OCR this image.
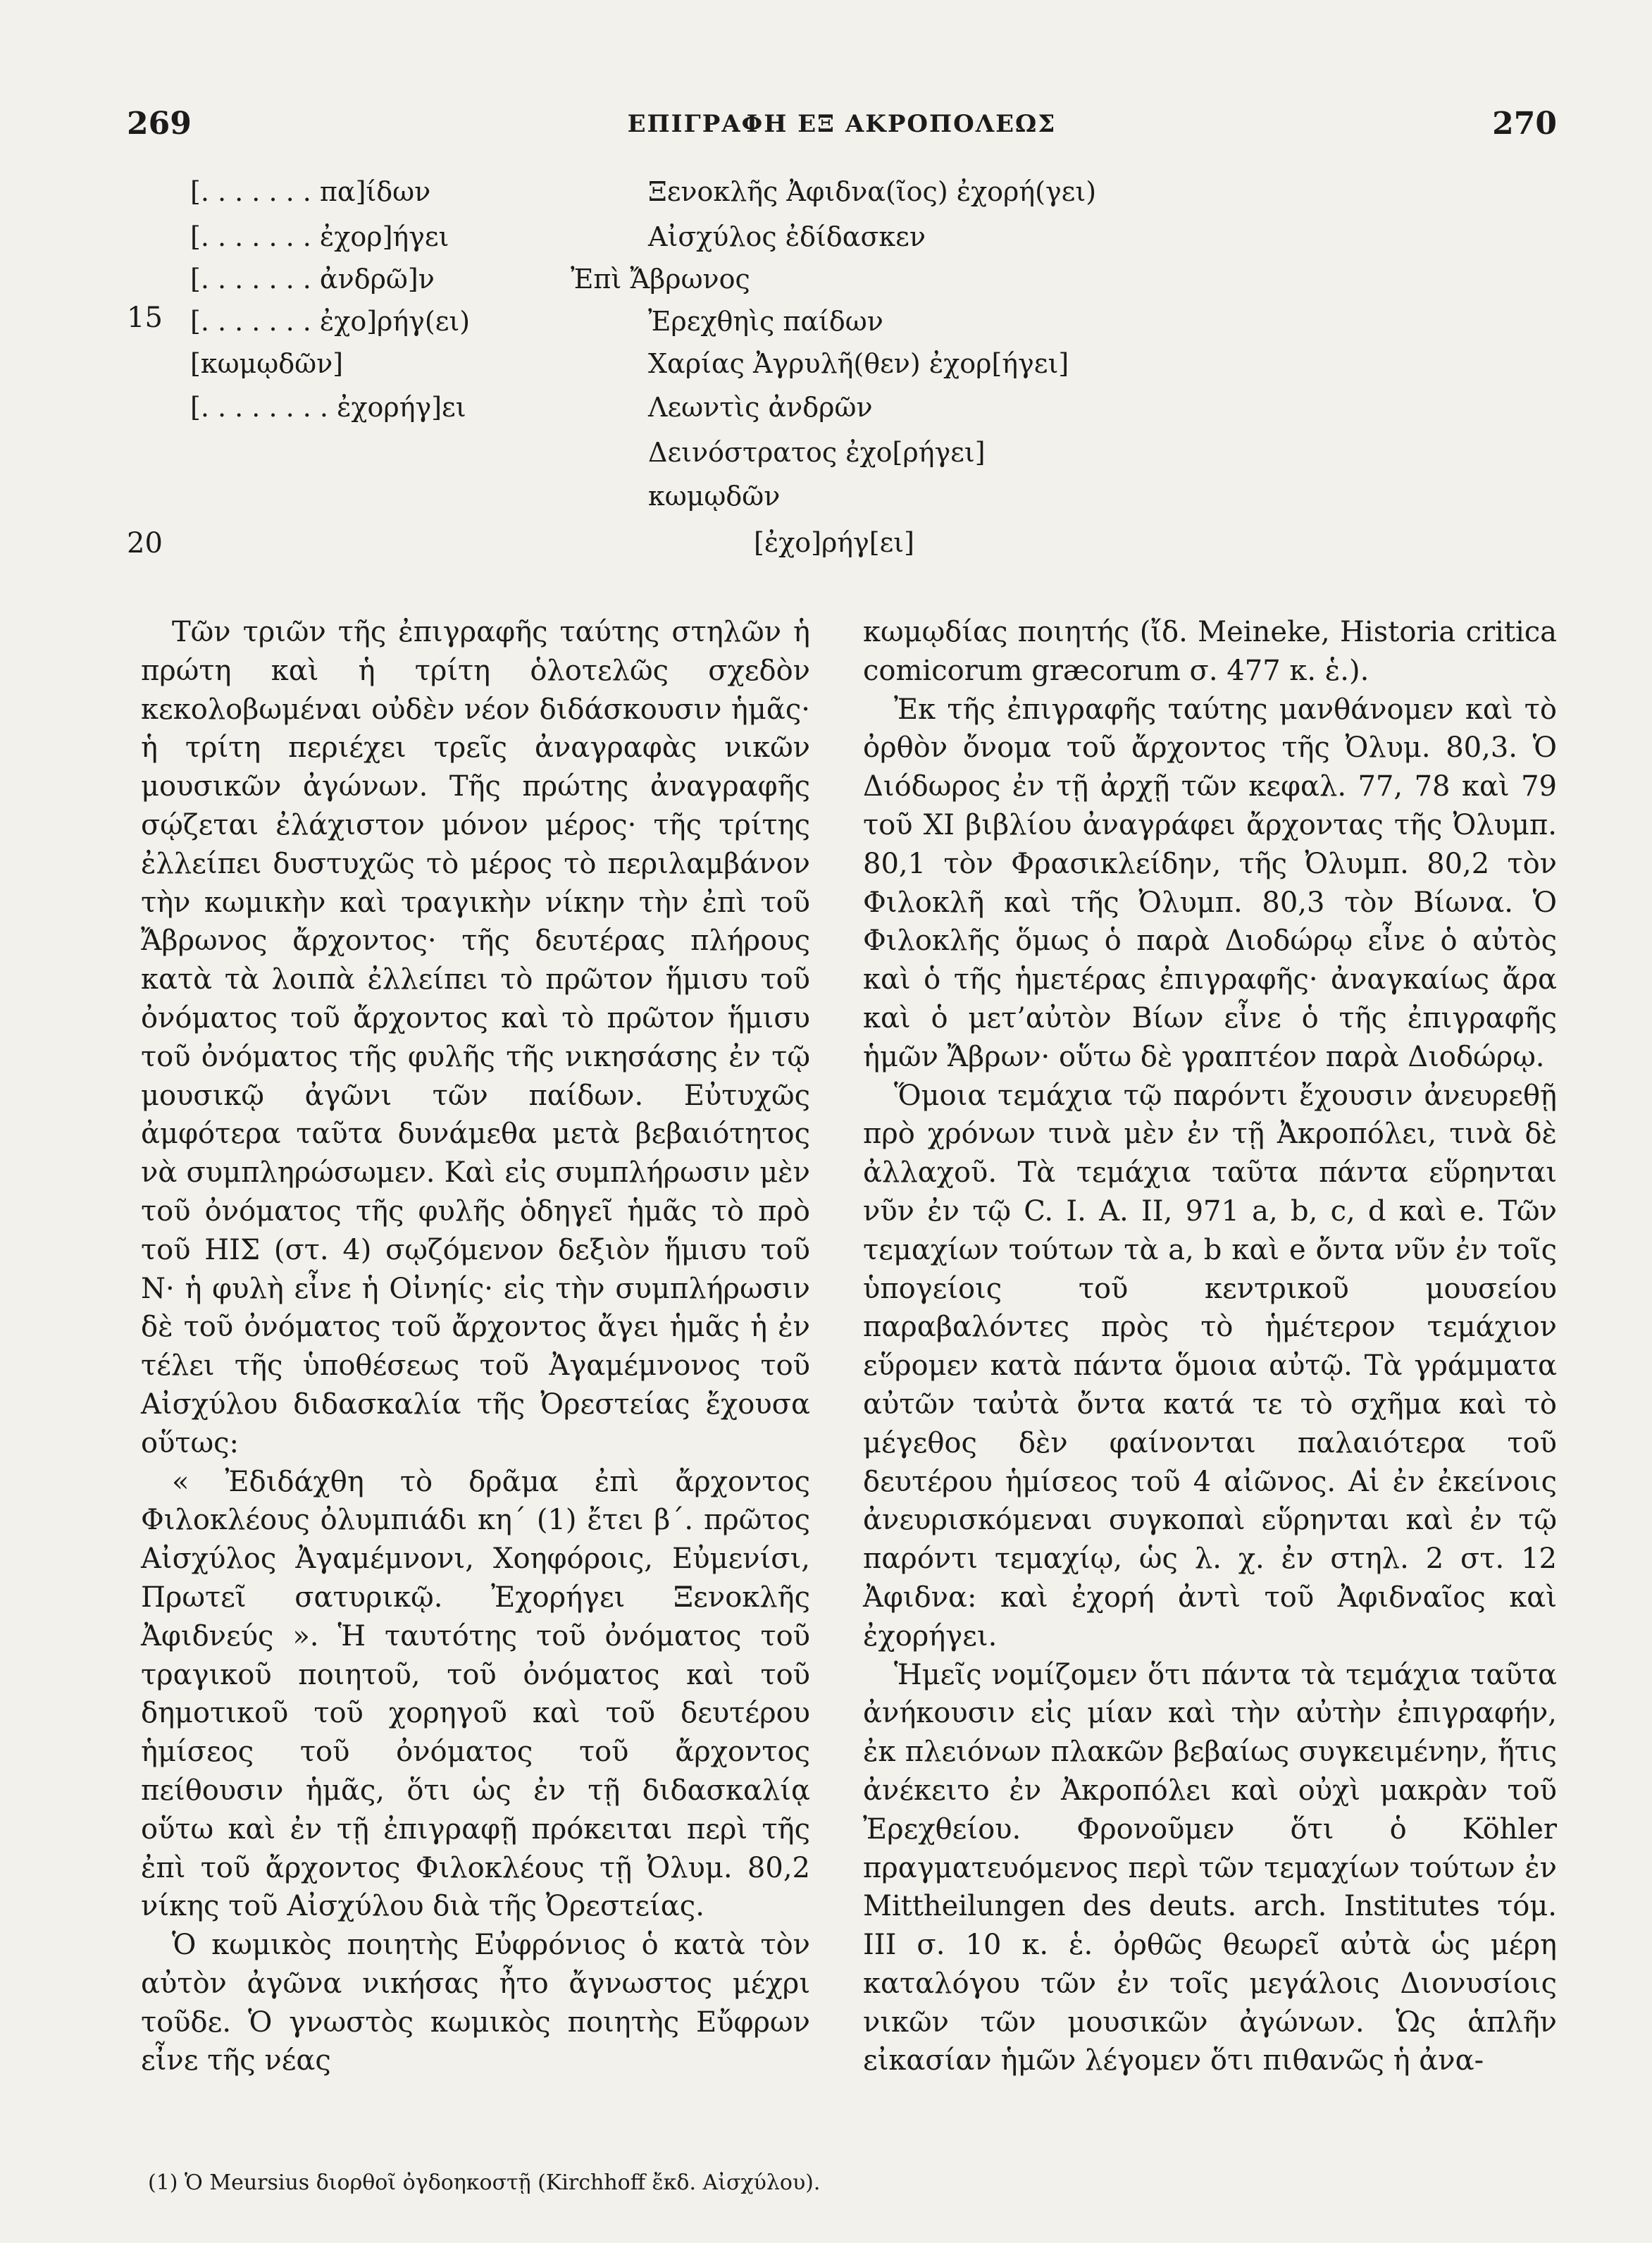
269	ΕΠΙΓΡΑΦΗ ΕΞ ΑΚΡΟΠΟΛΕΩΣ	270
15
20
[. . . . . . . πα]ίδων
[. . . . . . . ἐχορ]ήγει
[. . . . . . . ἀνδρῶ]ν
[. . . . . . . ἐχο]ρήγ(ει)
[κωμῳδῶν]
[. . . . . . . . ἐχορήγ]ει
Ξενοκλῆς Ἀφιδνα(ῖος) ἐχορή(γει)
Αἰσχύλος ἐδίδασκεν
Ἐπὶ Ἄβρωνος
Ἐρεχθηὶς παίδων
Χαρίας Ἀγρυλῆ(θεν) ἐχορ[ήγει]
Λεωντὶς ἀνδρῶν
Δεινόστρατος ἐχο[ρήγει]
κωμῳδῶν
[ἐχο]ρήγ[ει]

Τῶν τριῶν τῆς ἐπιγραφῆς ταύτης στηλῶν ἡ πρώτη καὶ ἡ τρίτη ὁλοτελῶς σχεδὸν κεκολοβωμέναι οὐδὲν νέον διδάσκουσιν ἡμᾶς· ἡ τρίτη περιέχει τρεῖς ἀναγραφὰς νικῶν μουσικῶν ἀγώνων. Τῆς πρώτης ἀναγραφῆς σῴζεται ἐλάχιστον μόνον μέρος· τῆς τρίτης ἐλλείπει δυστυχῶς τὸ μέρος τὸ περιλαμβάνον τὴν κωμικὴν καὶ τραγικὴν νίκην τὴν ἐπὶ τοῦ Ἄβρωνος ἄρχοντος· τῆς δευτέρας πλήρους κατὰ τὰ λοιπὰ ἐλλείπει τὸ πρῶτον ἥμισυ τοῦ ὀνόματος τοῦ ἄρχοντος καὶ τὸ πρῶτον ἥμισυ τοῦ ὀνόματος τῆς φυλῆς τῆς νικησάσης ἐν τῷ μουσικῷ ἀγῶνι τῶν παίδων. Εὐτυχῶς ἀμφότερα ταῦτα δυνάμεθα μετὰ βεβαιότητος νὰ συμπληρώσωμεν. Καὶ εἰς συμπλήρωσιν μὲν τοῦ ὀνόματος τῆς φυλῆς ὁδηγεῖ ἡμᾶς τὸ πρὸ τοῦ ΗΙΣ (στ. 4) σῳζόμενον δεξιὸν ἥμισυ τοῦ Ν· ἡ φυλὴ εἶνε ἡ Οἰνηίς· εἰς τὴν συμπλήρωσιν δὲ τοῦ ὀνόματος τοῦ ἄρχοντος ἄγει ἡμᾶς ἡ ἐν τέλει τῆς ὑποθέσεως τοῦ Ἀγαμέμνονος τοῦ Αἰσχύλου διδασκαλία τῆς Ὀρεστείας ἔχουσα οὕτως:

« Ἐδιδάχθη τὸ δρᾶμα ἐπὶ ἄρχοντος Φιλοκλέους ὀλυμπιάδι κη΄ (1) ἔτει β΄. πρῶτος Αἰσχύλος Ἀγαμέμνονι, Χοηφόροις, Εὐμενίσι, Πρωτεῖ σατυρικῷ. Ἐχορήγει Ξενοκλῆς Ἀφιδνεύς ». Ἡ ταυτότης τοῦ ὀνόματος τοῦ τραγικοῦ ποιητοῦ, τοῦ ὀνόματος καὶ τοῦ δημοτικοῦ τοῦ χορηγοῦ καὶ τοῦ δευτέρου ἡμίσεος τοῦ ὀνόματος τοῦ ἄρχοντος πείθουσιν ἡμᾶς, ὅτι ὡς ἐν τῇ διδασκαλίᾳ οὕτω καὶ ἐν τῇ ἐπιγραφῇ πρόκειται περὶ τῆς ἐπὶ τοῦ ἄρχοντος Φιλοκλέους τῇ Ὀλυμ. 80,2 νίκης τοῦ Αἰσχύλου διὰ τῆς Ὀρεστείας.

Ὁ κωμικὸς ποιητὴς Εὐφρόνιος ὁ κατὰ τὸν αὐτὸν ἀγῶνα νικήσας ἦτο ἄγνωστος μέχρι τοῦδε. Ὁ γνωστὸς κωμικὸς ποιητὴς Εὔφρων εἶνε τῆς νέας

κωμῳδίας ποιητής (ἴδ. Meineke, Historia critica comicorum græcorum σ. 477 κ. ἑ.).

Ἐκ τῆς ἐπιγραφῆς ταύτης μανθάνομεν καὶ τὸ ὀρθὸν ὄνομα τοῦ ἄρχοντος τῆς Ὀλυμ. 80,3. Ὁ Διόδωρος ἐν τῇ ἀρχῇ τῶν κεφαλ. 77, 78 καὶ 79 τοῦ XI βιβλίου ἀναγράφει ἄρχοντας τῆς Ὀλυμπ. 80,1 τὸν Φρασικλείδην, τῆς Ὀλυμπ. 80,2 τὸν Φιλοκλῆ καὶ τῆς Ὀλυμπ. 80,3 τὸν Βίωνα. Ὁ Φιλοκλῆς ὅμως ὁ παρὰ Διοδώρῳ εἶνε ὁ αὐτὸς καὶ ὁ τῆς ἡμετέρας ἐπιγραφῆς· ἀναγκαίως ἄρα καὶ ὁ μετ’αὐτὸν Βίων εἶνε ὁ τῆς ἐπιγραφῆς ἡμῶν Ἄβρων· οὕτω δὲ γραπτέον παρὰ Διοδώρῳ.

Ὅμοια τεμάχια τῷ παρόντι ἔχουσιν ἀνευρεθῇ πρὸ χρόνων τινὰ μὲν ἐν τῇ Ἀκροπόλει, τινὰ δὲ ἀλλαχοῦ. Τὰ τεμάχια ταῦτα πάντα εὕρηνται νῦν ἐν τῷ C. I. A. II, 971 a, b, c, d καὶ e. Τῶν τεμαχίων τούτων τὰ a, b καὶ e ὄντα νῦν ἐν τοῖς ὑπογείοις τοῦ κεντρικοῦ μουσείου παραβαλόντες πρὸς τὸ ἡμέτερον τεμάχιον εὕρομεν κατὰ πάντα ὅμοια αὐτῷ. Τὰ γράμματα αὐτῶν ταὐτὰ ὄντα κατά τε τὸ σχῆμα καὶ τὸ μέγεθος δὲν φαίνονται παλαιότερα τοῦ δευτέρου ἡμίσεος τοῦ 4 αἰῶνος. Αἱ ἐν ἐκείνοις ἀνευρισκόμεναι συγκοπαὶ εὕρηνται καὶ ἐν τῷ παρόντι τεμαχίῳ, ὡς λ. χ. ἐν στηλ. 2 στ. 12 Ἀφιδνα: καὶ ἐχορή ἀντὶ τοῦ Ἀφιδναῖος καὶ ἐχορήγει.

Ἡμεῖς νομίζομεν ὅτι πάντα τὰ τεμάχια ταῦτα ἀνήκουσιν εἰς μίαν καὶ τὴν αὐτὴν ἐπιγραφήν, ἐκ πλειόνων πλακῶν βεβαίως συγκειμένην, ἥτις ἀνέκειτο ἐν Ἀκροπόλει καὶ οὐχὶ μακρὰν τοῦ Ἐρεχθείου. Φρονοῦμεν ὅτι ὁ Köhler πραγματευόμενος περὶ τῶν τεμαχίων τούτων ἐν Mittheilungen des deuts. arch. Institutes τόμ. III σ. 10 κ. ἑ. ὀρθῶς θεωρεῖ αὐτὰ ὡς μέρη καταλόγου τῶν ἐν τοῖς μεγάλοις Διονυσίοις νικῶν τῶν μουσικῶν ἀγώνων. Ὡς ἁπλῆν εἰκασίαν ἡμῶν λέγομεν ὅτι πιθανῶς ἡ ἀνα-

(1) Ὁ Meursius διορθοῖ ὀγδοηκοστῇ (Kirchhoff ἔκδ. Αἰσχύλου).
